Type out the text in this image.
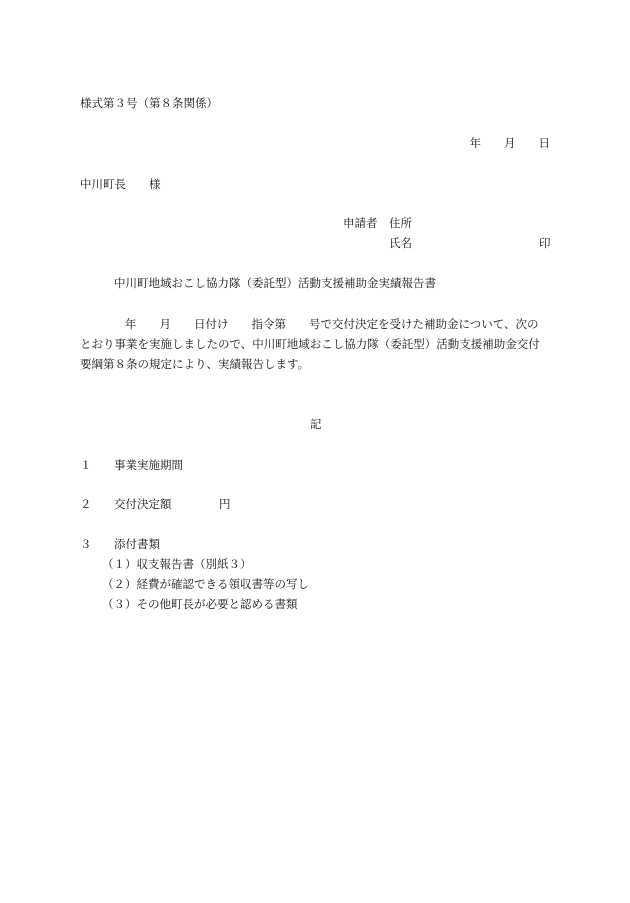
様式第３号（第８条関係）

年　　月　　日

中川町長　　様

申請者　住所

氏名	印

中川町地域おこし協力隊（委託型）活動支援補助金実績報告書

　　年　　月　　日付け　　指令第　　号で交付決定を受けた補助金について、次の

とおり事業を実施しましたので、中川町地域おこし協力隊（委託型）活動支援補助金交付

要綱第８条の規定により、実績報告します。

記

１ 事業実施期間

２ 交付決定額	円

３ 添付書類

（１）収支報告書（別紙３）

（２）経費が確認できる領収書等の写し

（３）その他町長が必要と認める書類
